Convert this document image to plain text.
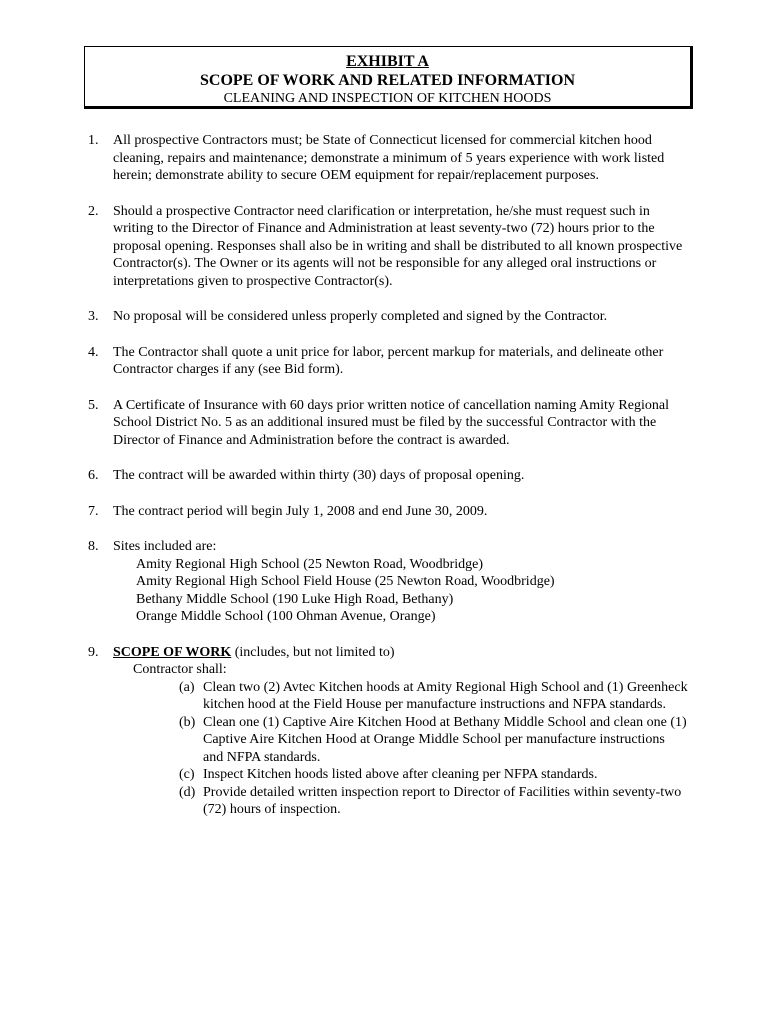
EXHIBIT A
SCOPE OF WORK AND RELATED INFORMATION
CLEANING AND INSPECTION OF KITCHEN HOODS
1. All prospective Contractors must; be State of Connecticut licensed for commercial kitchen hood cleaning, repairs and maintenance; demonstrate a minimum of 5 years experience with work listed herein; demonstrate ability to secure OEM equipment for repair/replacement purposes.
2. Should a prospective Contractor need clarification or interpretation, he/she must request such in writing to the Director of Finance and Administration at least seventy-two (72) hours prior to the proposal opening. Responses shall also be in writing and shall be distributed to all known prospective Contractor(s). The Owner or its agents will not be responsible for any alleged oral instructions or interpretations given to prospective Contractor(s).
3. No proposal will be considered unless properly completed and signed by the Contractor.
4. The Contractor shall quote a unit price for labor, percent markup for materials, and delineate other Contractor charges if any (see Bid form).
5. A Certificate of Insurance with 60 days prior written notice of cancellation naming Amity Regional School District No. 5 as an additional insured must be filed by the successful Contractor with the Director of Finance and Administration before the contract is awarded.
6. The contract will be awarded within thirty (30) days of proposal opening.
7. The contract period will begin July 1, 2008 and end June 30, 2009.
8. Sites included are:
Amity Regional High School (25 Newton Road, Woodbridge)
Amity Regional High School Field House (25 Newton Road, Woodbridge)
Bethany Middle School (190 Luke High Road, Bethany)
Orange Middle School (100 Ohman Avenue, Orange)
9. SCOPE OF WORK (includes, but not limited to)
Contractor shall:
(a) Clean two (2) Avtec Kitchen hoods at Amity Regional High School and (1) Greenheck kitchen hood at the Field House per manufacture instructions and NFPA standards.
(b) Clean one (1) Captive Aire Kitchen Hood at Bethany Middle School and clean one (1) Captive Aire Kitchen Hood at Orange Middle School per manufacture instructions and NFPA standards.
(c) Inspect Kitchen hoods listed above after cleaning per NFPA standards.
(d) Provide detailed written inspection report to Director of Facilities within seventy-two (72) hours of inspection.
